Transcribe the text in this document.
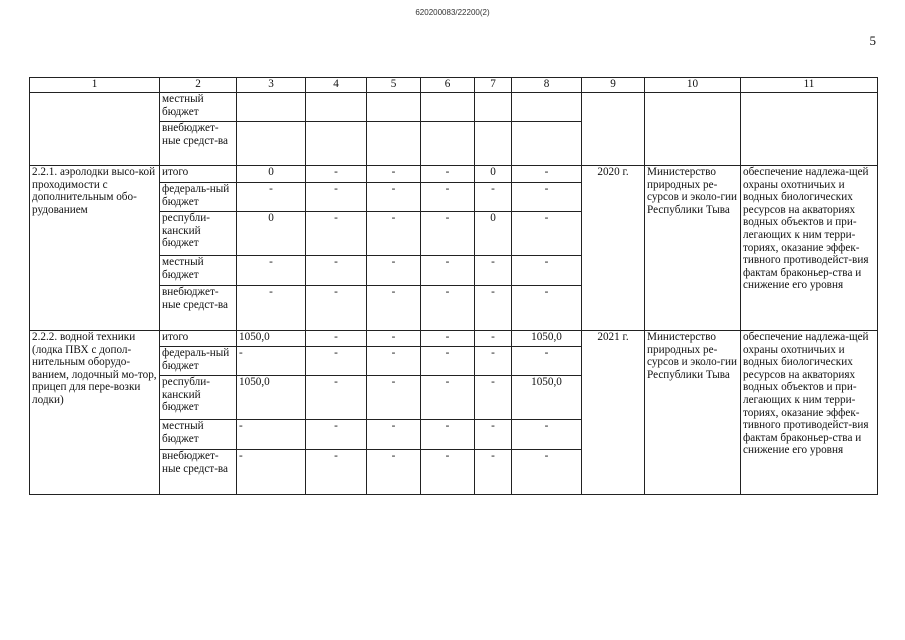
620200083/22200(2)
5
1	2	3	4	5	6	7	8	9	10	11
	местный бюджет									
	внебюджет-ные средст-ва									
2.2.1. аэролодки высо-кой проходимости с дополнительным обо-рудованием	итого	0	-	-	-	0	-	2020 г.	Министерство природных ре-сурсов и эколо-гии Республики Тыва	обеспечение надлежа-щей охраны охотничьих и водных биологических ресурсов на акваториях водных объектов и при-легающих к ним терри-ториях, оказание эффек-тивного противодейст-вия фактам браконьер-ства и снижение его уровня
	федераль-ный бюджет	-	-	-	-	-	-			
	республи-канский бюджет	0	-	-	-	0	-			
	местный бюджет	-	-	-	-	-	-			
	внебюджет-ные средст-ва	-	-	-	-	-	-			
2.2.2. водной техники (лодка ПВХ с допол-нительным оборудо-ванием, лодочный мо-тор, прицеп для пере-возки лодки)	итого	1050,0	-	-	-	-	1050,0	2021 г.	Министерство природных ре-сурсов и эколо-гии Республики Тыва	обеспечение надлежа-щей охраны охотничьих и водных биологических ресурсов на акваториях водных объектов и при-легающих к ним терри-ториях, оказание эффек-тивного противодейст-вия фактам браконьер-ства и снижение его уровня
	федераль-ный бюджет	-	-	-	-	-	-			
	республи-канский бюджет	1050,0	-	-	-	-	1050,0			
	местный бюджет	-	-	-	-	-	-			
	внебюджет-ные средст-ва	-	-	-	-	-	-			
